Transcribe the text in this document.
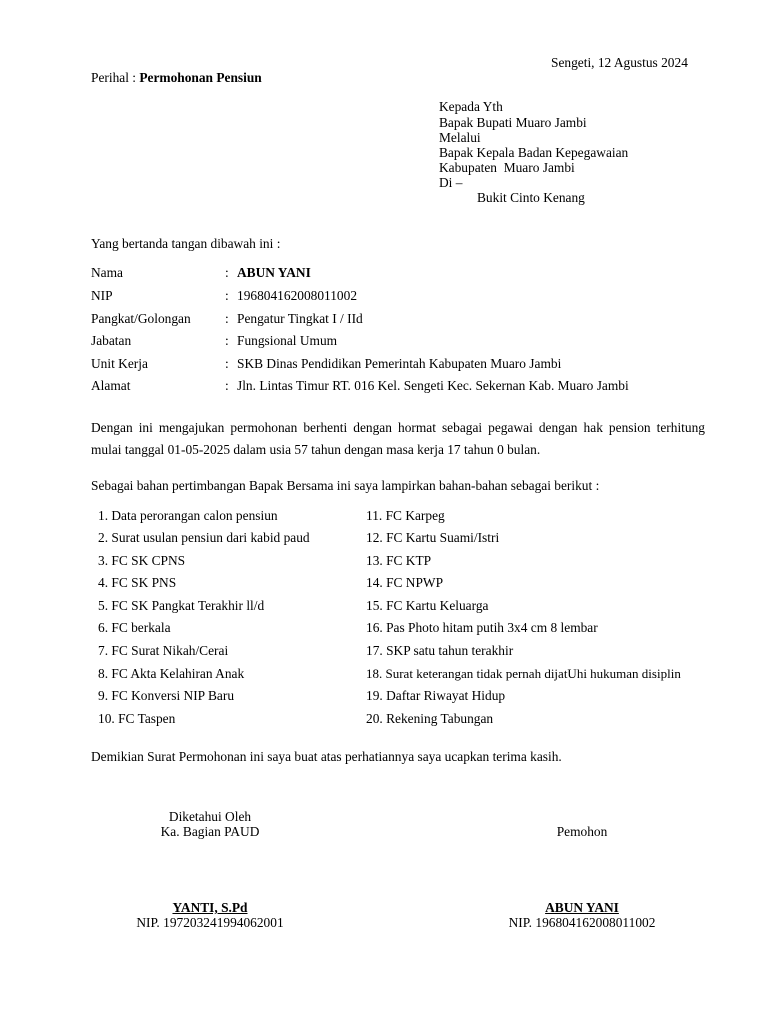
Sengeti, 12 Agustus 2024
Perihal : Permohonan Pensiun
Kepada Yth
Bapak Bupati Muaro Jambi
Melalui
Bapak Kepala Badan Kepegawaian
Kabupaten  Muaro Jambi
Di –
Bukit Cinto Kenang
Yang bertanda tangan dibawah ini :
Nama	: ABUN YANI
NIP	: 196804162008011002
Pangkat/Golongan	: Pengatur Tingkat I / IId
Jabatan	: Fungsional Umum
Unit Kerja	: SKB Dinas Pendidikan Pemerintah Kabupaten Muaro Jambi
Alamat	: Jln. Lintas Timur RT. 016 Kel. Sengeti Kec. Sekernan Kab. Muaro Jambi
Dengan ini mengajukan permohonan berhenti dengan hormat sebagai pegawai dengan hak pension terhitung mulai tanggal 01-05-2025 dalam usia 57 tahun dengan masa kerja 17 tahun 0 bulan.
Sebagai bahan pertimbangan Bapak Bersama ini saya lampirkan bahan-bahan sebagai berikut :
1. Data perorangan calon pensiun
2. Surat usulan pensiun dari kabid paud
3. FC SK CPNS
4. FC SK PNS
5. FC SK Pangkat Terakhir ll/d
6. FC berkala
7. FC Surat Nikah/Cerai
8. FC Akta Kelahiran Anak
9. FC Konversi NIP Baru
10. FC Taspen
11. FC Karpeg
12. FC Kartu Suami/Istri
13. FC KTP
14. FC NPWP
15. FC Kartu Keluarga
16. Pas Photo hitam putih 3x4 cm 8 lembar
17. SKP satu tahun terakhir
18. Surat keterangan tidak pernah dijatUhi hukuman disiplin
19. Daftar Riwayat Hidup
20. Rekening Tabungan
Demikian Surat Permohonan ini saya buat atas perhatiannya saya ucapkan terima kasih.
Diketahui Oleh
Ka. Bagian PAUD
YANTI, S.Pd
NIP. 197203241994062001
Pemohon
ABUN YANI
NIP. 196804162008011002
